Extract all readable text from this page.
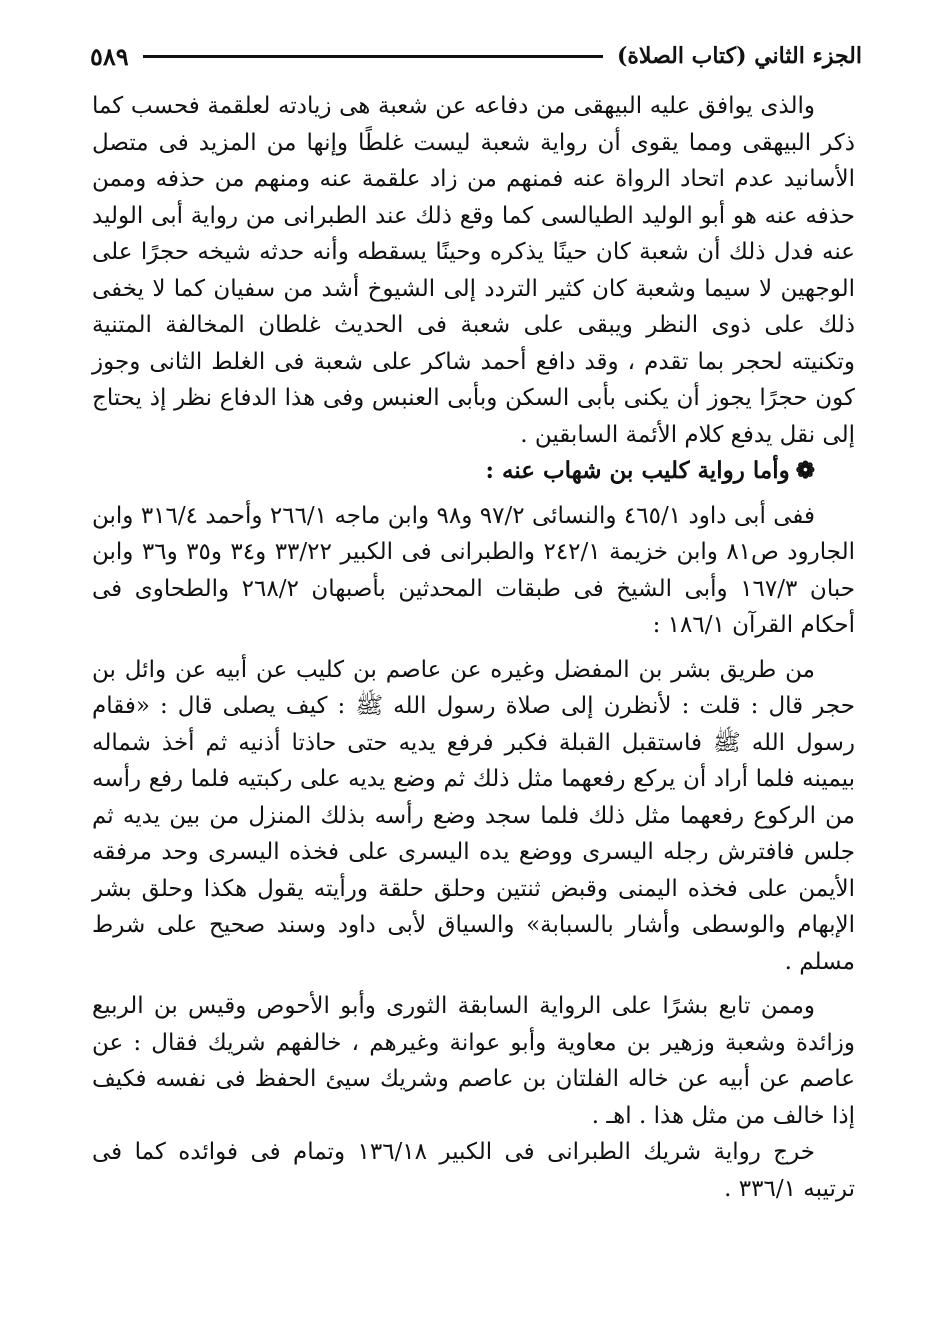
الجزء الثاني (كتاب الصلاة)
٥٨٩

والذى يوافق عليه البيهقى من دفاعه عن شعبة هى زيادته لعلقمة فحسب كما ذكر البيهقى ومما يقوى أن رواية شعبة ليست غلطًا وإنها من المزيد فى متصل الأسانيد عدم اتحاد الرواة عنه فمنهم من زاد علقمة عنه ومنهم من حذفه وممن حذفه عنه هو أبو الوليد الطيالسى كما وقع ذلك عند الطبرانى من رواية أبى الوليد عنه فدل ذلك أن شعبة كان حينًا يذكره وحينًا يسقطه وأنه حدثه شيخه حجرًا على الوجهين لا سيما وشعبة كان كثير التردد إلى الشيوخ أشد من سفيان كما لا يخفى ذلك على ذوى النظر ويبقى على شعبة فى الحديث غلطان المخالفة المتنية وتكنيته لحجر بما تقدم ، وقد دافع أحمد شاكر على شعبة فى الغلط الثانى وجوز كون حجرًا يجوز أن يكنى بأبى السكن وبأبى العنبس وفى هذا الدفاع نظر إذ يحتاج إلى نقل يدفع كلام الأئمة السابقين .

❁وأما رواية كليب بن شهاب عنه :

ففى أبى داود ٤٦٥/١ والنسائى ٩٧/٢ و٩٨ وابن ماجه ٢٦٦/١ وأحمد ٣١٦/٤ وابن الجارود ص٨١ وابن خزيمة ٢٤٢/١ والطبرانى فى الكبير ٣٣/٢٢ و٣٤ و٣٥ و٣٦ وابن حبان ١٦٧/٣ وأبى الشيخ فى طبقات المحدثين بأصبهان ٢٦٨/٢ والطحاوى فى أحكام القرآن ١٨٦/١ :

من طريق بشر بن المفضل وغيره عن عاصم بن كليب عن أبيه عن وائل بن حجر قال : قلت : لأنظرن إلى صلاة رسول الله ﷺ : كيف يصلى قال : «فقام رسول الله ﷺ فاستقبل القبلة فكبر فرفع يديه حتى حاذتا أذنيه ثم أخذ شماله بيمينه فلما أراد أن يركع رفعهما مثل ذلك ثم وضع يديه على ركبتيه فلما رفع رأسه من الركوع رفعهما مثل ذلك فلما سجد وضع رأسه بذلك المنزل من بين يديه ثم جلس فافترش رجله اليسرى ووضع يده اليسرى على فخذه اليسرى وحد مرفقه الأيمن على فخذه اليمنى وقبض ثنتين وحلق حلقة ورأيته يقول هكذا وحلق بشر الإبهام والوسطى وأشار بالسبابة» والسياق لأبى داود وسند صحيح على شرط مسلم .

وممن تابع بشرًا على الرواية السابقة الثورى وأبو الأحوص وقيس بن الربيع وزائدة وشعبة وزهير بن معاوية وأبو عوانة وغيرهم ، خالفهم شريك فقال : عن عاصم عن أبيه عن خاله الفلتان بن عاصم وشريك سيئ الحفظ فى نفسه فكيف إذا خالف من مثل هذا . اهـ .

خرج رواية شريك الطبرانى فى الكبير ١٣٦/١٨ وتمام فى فوائده كما فى ترتيبه ٣٣٦/١ .
